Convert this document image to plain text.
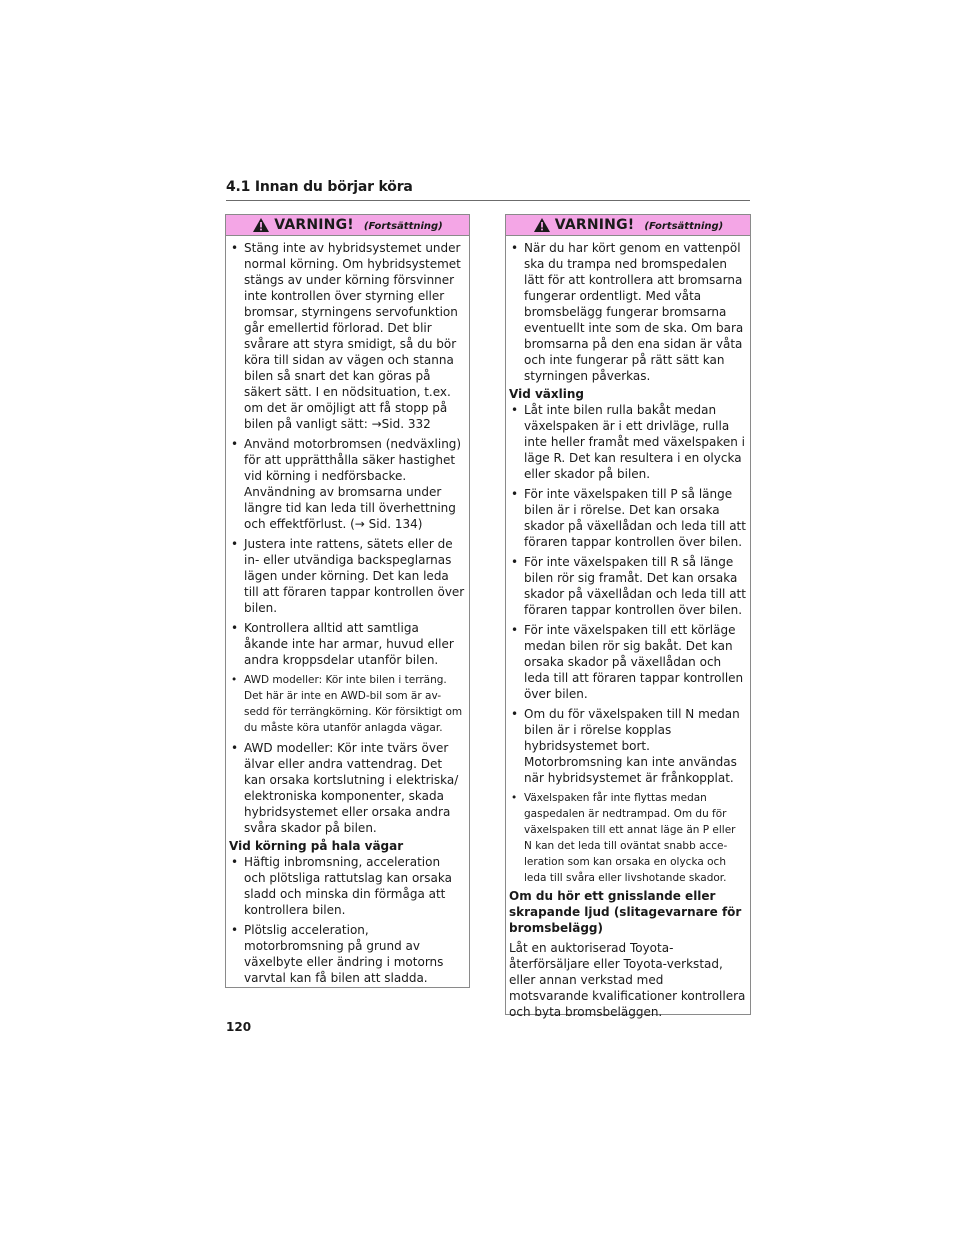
4.1 Innan du börjar köra
VARNING! (Fortsättning)
• Stäng inte av hybridsystemet under normal körning. Om hybridsystemet stängs av under körning försvinner inte kontrollen över styrning eller bromsar, styrningens servofunktion går emellertid förlorad. Det blir svårare att styra smidigt, så du bör köra till sidan av vägen och stanna bilen så snart det kan göras på säkert sätt. I en nödsituation, t.ex. om det är omöjligt att få stopp på bilen på vanligt sätt: →Sid. 332
• Använd motorbromsen (nedväxling) för att upprätthålla säker hastighet vid körning i nedförsbacke. Användning av bromsarna under längre tid kan leda till överhettning och effektförlust. (→ Sid. 134)
• Justera inte rattens, sätets eller de in- eller utvändiga backspeglarnas lägen under körning. Det kan leda till att föraren tappar kontrollen över bilen.
• Kontrollera alltid att samtliga åkande inte har armar, huvud eller andra kroppsdelar utanför bilen.
• AWD modeller: Kör inte bilen i terräng. Det här är inte en AWD-bil som är av- sedd för terrängkörning. Kör försiktigt om du måste köra utanför anlagda vägar.
• AWD modeller: Kör inte tvärs över älvar eller andra vattendrag. Det kan orsaka kortslutning i elektriska/ elektroniska komponenter, skada hybridsystemet eller orsaka andra svåra skador på bilen.
Vid körning på hala vägar
• Häftig inbromsning, acceleration och plötsliga rattutslag kan orsaka sladd och minska din förmåga att kontrollera bilen.
• Plötslig acceleration, motorbromsning på grund av växelbyte eller ändring i motorns varvtal kan få bilen att sladda.
VARNING! (Fortsättning)
• När du har kört genom en vattenpöl ska du trampa ned bromspedalen lätt för att kontrollera att bromsarna fungerar ordentligt. Med våta bromsbelägg fungerar bromsarna eventuellt inte som de ska. Om bara bromsarna på den ena sidan är våta och inte fungerar på rätt sätt kan styrningen påverkas.
Vid växling
• Låt inte bilen rulla bakåt medan växelspaken är i ett drivläge, rulla inte heller framåt med växelspaken i läge R. Det kan resultera i en olycka eller skador på bilen.
• För inte växelspaken till P så länge bilen är i rörelse. Det kan orsaka skador på växellådan och leda till att föraren tappar kontrollen över bilen.
• För inte växelspaken till R så länge bilen rör sig framåt. Det kan orsaka skador på växellådan och leda till att föraren tappar kontrollen över bilen.
• För inte växelspaken till ett körläge medan bilen rör sig bakåt. Det kan orsaka skador på växellådan och leda till att föraren tappar kontrollen över bilen.
• Om du för växelspaken till N medan bilen är i rörelse kopplas hybridsystemet bort. Motorbromsning kan inte användas när hybridsystemet är frånkopplat.
• Växelspaken får inte flyttas medan gaspedalen är nedtrampad. Om du för växelspaken till ett annat läge än P eller N kan det leda till oväntat snabb acce- leration som kan orsaka en olycka och leda till svåra eller livshotande skador.
Om du hör ett gnisslande eller skrapande ljud (slitagevarnare för bromsbelägg)
Låt en auktoriserad Toyota- återförsäljare eller Toyota-verkstad, eller annan verkstad med motsvarande kvalificationer kontrollera och byta bromsbeläggen.
120
